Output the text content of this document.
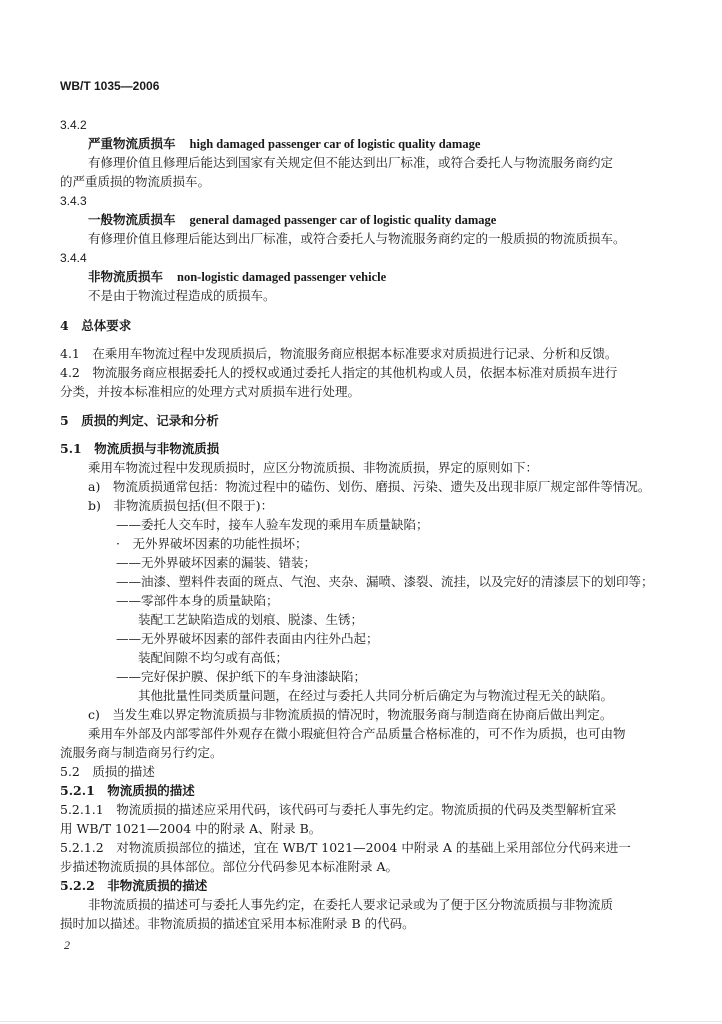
WB/T 1035—2006
3.4.2
严重物流质损车 high damaged passenger car of logistic quality damage
有修理价值且修理后能达到国家有关规定但不能达到出厂标准，或符合委托人与物流服务商约定
的严重质损的物流质损车。
3.4.3
一般物流质损车 general damaged passenger car of logistic quality damage
有修理价值且修理后能达到出厂标准，或符合委托人与物流服务商约定的一般质损的物流质损车。
3.4.4
非物流质损车 non-logistic damaged passenger vehicle
不是由于物流过程造成的质损车。
4　总体要求
4.1　在乘用车物流过程中发现质损后，物流服务商应根据本标准要求对质损进行记录、分析和反馈。
4.2　物流服务商应根据委托人的授权或通过委托人指定的其他机构或人员，依据本标准对质损车进行
分类，并按本标准相应的处理方式对质损车进行处理。
5　质损的判定、记录和分析
5.1　物流质损与非物流质损
乘用车物流过程中发现质损时，应区分物流质损、非物流质损，界定的原则如下：
a)　物流质损通常包括：物流过程中的磕伤、划伤、磨损、污染、遗失及出现非原厂规定部件等情况。
b)　非物流质损包括(但不限于)：
——委托人交车时，接车人验车发现的乘用车质量缺陷；
·　无外界破坏因素的功能性损坏；
——无外界破坏因素的漏装、错装；
——油漆、塑料件表面的斑点、气泡、夹杂、漏喷、漆裂、流挂，以及完好的清漆层下的划印等；
——零部件本身的质量缺陷；
装配工艺缺陷造成的划痕、脱漆、生锈；
——无外界破坏因素的部件表面由内往外凸起；
装配间隙不均匀或有高低；
——完好保护膜、保护纸下的车身油漆缺陷；
其他批量性同类质量问题，在经过与委托人共同分析后确定为与物流过程无关的缺陷。
c)　当发生难以界定物流质损与非物流质损的情况时，物流服务商与制造商在协商后做出判定。
乘用车外部及内部零部件外观存在微小瑕疵但符合产品质量合格标准的，可不作为质损，也可由物
流服务商与制造商另行约定。
5.2　质损的描述
5.2.1　物流质损的描述
5.2.1.1　物流质损的描述应采用代码，该代码可与委托人事先约定。物流质损的代码及类型解析宜采
用 WB/T 1021—2004 中的附录 A、附录 B。
5.2.1.2　对物流质损部位的描述，宜在 WB/T 1021—2004 中附录 A 的基础上采用部位分代码来进一
步描述物流质损的具体部位。部位分代码参见本标准附录 A。
5.2.2　非物流质损的描述
非物流质损的描述可与委托人事先约定，在委托人要求记录或为了便于区分物流质损与非物流质
损时加以描述。非物流质损的描述宜采用本标准附录 B 的代码。
2
